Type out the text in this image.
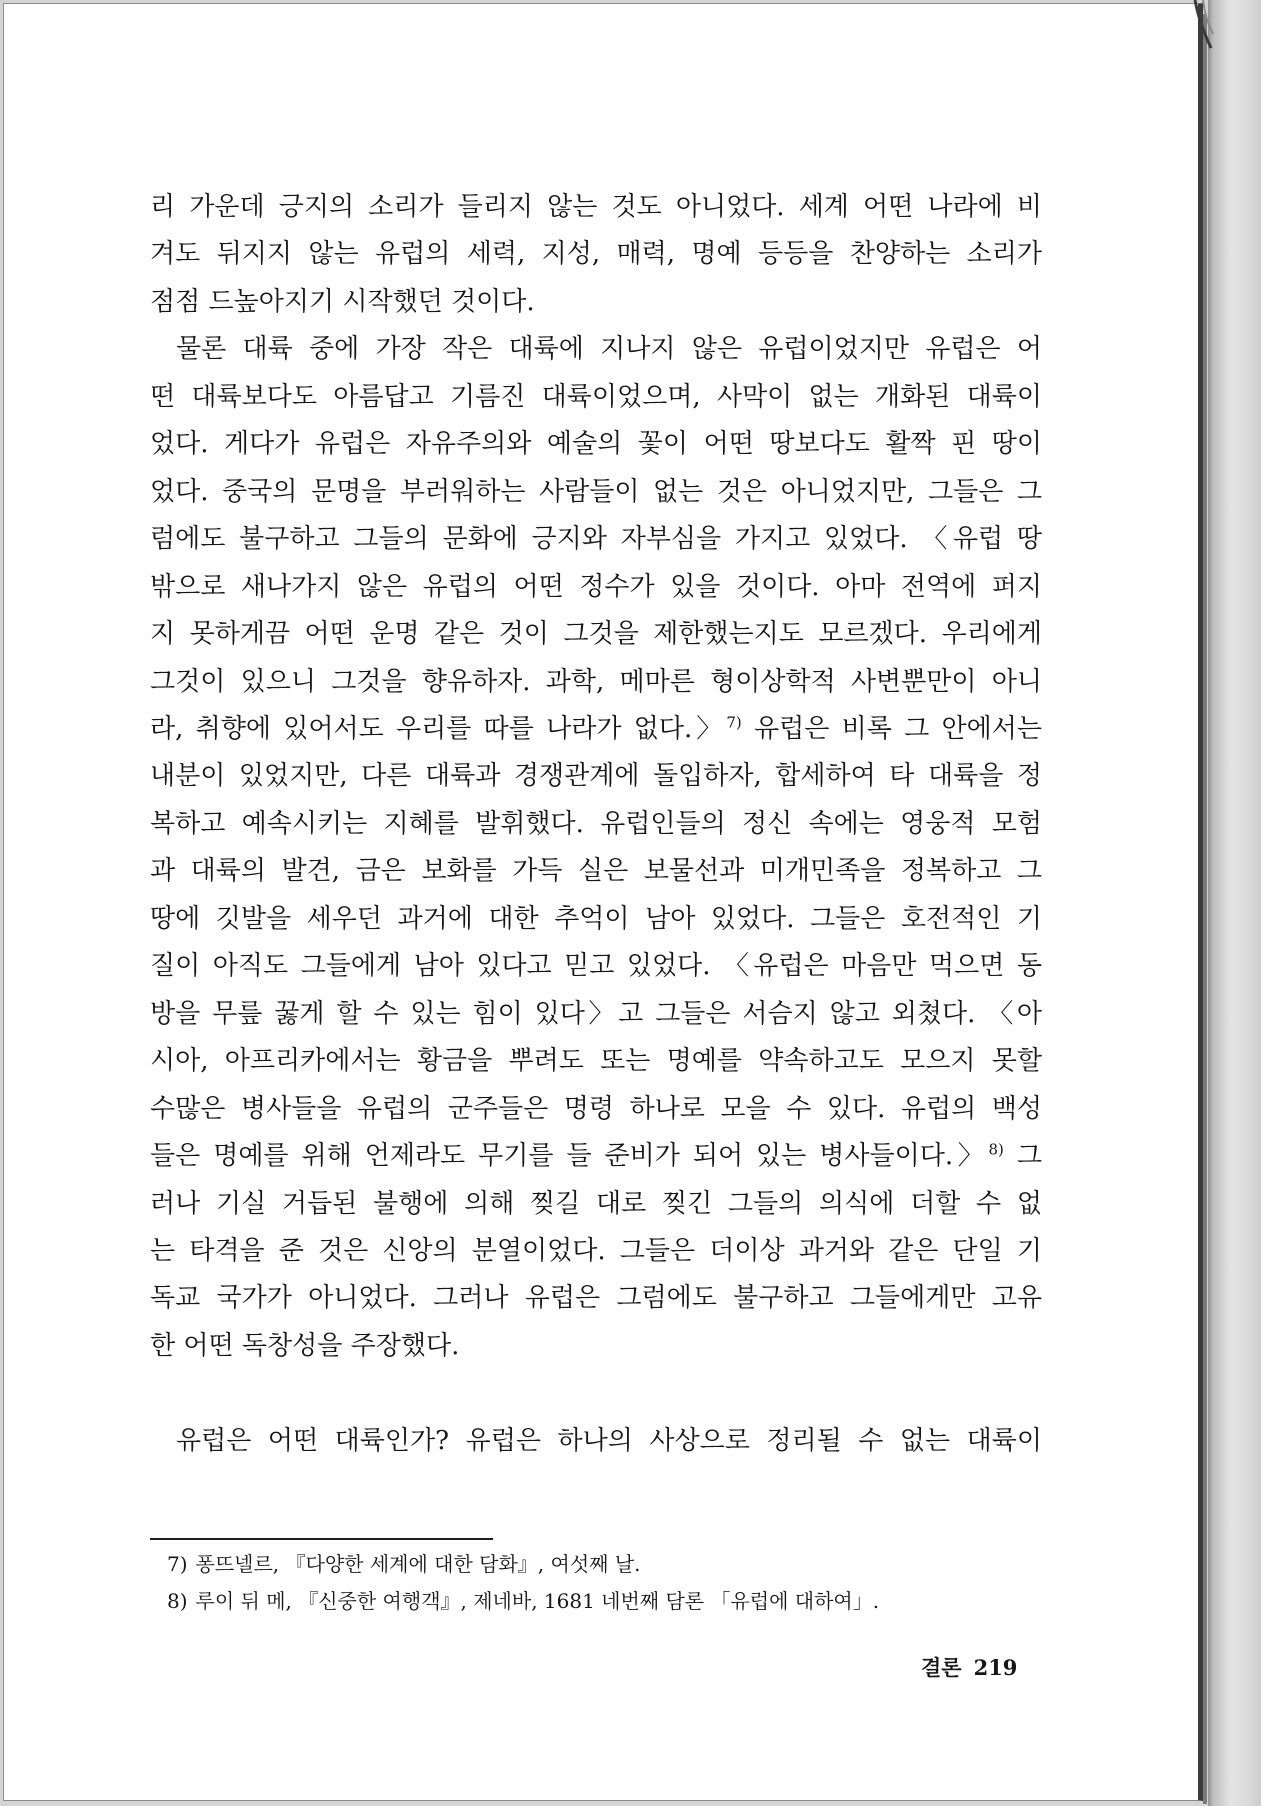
리 가운데 긍지의 소리가 들리지 않는 것도 아니었다. 세계 어떤 나라에 비
겨도 뒤지지 않는 유럽의 세력, 지성, 매력, 명예 등등을 찬양하는 소리가
점점 드높아지기 시작했던 것이다.
물론 대륙 중에 가장 작은 대륙에 지나지 않은 유럽이었지만 유럽은 어
떤 대륙보다도 아름답고 기름진 대륙이었으며, 사막이 없는 개화된 대륙이
었다. 게다가 유럽은 자유주의와 예술의 꽃이 어떤 땅보다도 활짝 핀 땅이
었다. 중국의 문명을 부러워하는 사람들이 없는 것은 아니었지만, 그들은 그
럼에도 불구하고 그들의 문화에 긍지와 자부심을 가지고 있었다. 〈유럽 땅
밖으로 새나가지 않은 유럽의 어떤 정수가 있을 것이다. 아마 전역에 퍼지
지 못하게끔 어떤 운명 같은 것이 그것을 제한했는지도 모르겠다. 우리에게
그것이 있으니 그것을 향유하자. 과학, 메마른 형이상학적 사변뿐만이 아니
라, 취향에 있어서도 우리를 따를 나라가 없다.〉$^{7)}$ 유럽은 비록 그 안에서는
내분이 있었지만, 다른 대륙과 경쟁관계에 돌입하자, 합세하여 타 대륙을 정
복하고 예속시키는 지혜를 발휘했다. 유럽인들의 정신 속에는 영웅적 모험
과 대륙의 발견, 금은 보화를 가득 실은 보물선과 미개민족을 정복하고 그
땅에 깃발을 세우던 과거에 대한 추억이 남아 있었다. 그들은 호전적인 기
질이 아직도 그들에게 남아 있다고 믿고 있었다. 〈유럽은 마음만 먹으면 동
방을 무릎 꿇게 할 수 있는 힘이 있다〉고 그들은 서슴지 않고 외쳤다. 〈아
시아, 아프리카에서는 황금을 뿌려도 또는 명예를 약속하고도 모으지 못할
수많은 병사들을 유럽의 군주들은 명령 하나로 모을 수 있다. 유럽의 백성
들은 명예를 위해 언제라도 무기를 들 준비가 되어 있는 병사들이다.〉$^{8)}$ 그
러나 기실 거듭된 불행에 의해 찢길 대로 찢긴 그들의 의식에 더할 수 없
는 타격을 준 것은 신앙의 분열이었다. 그들은 더이상 과거와 같은 단일 기
독교 국가가 아니었다. 그러나 유럽은 그럼에도 불구하고 그들에게만 고유
한 어떤 독창성을 주장했다.
유럽은 어떤 대륙인가? 유럽은 하나의 사상으로 정리될 수 없는 대륙이
7) 퐁뜨넬르, 『다양한 세계에 대한 담화』, 여섯째 날.
8) 루이 뒤 메, 『신중한 여행객』, 제네바, 1681 네번째 담론 「유럽에 대하여」.
결론 219
